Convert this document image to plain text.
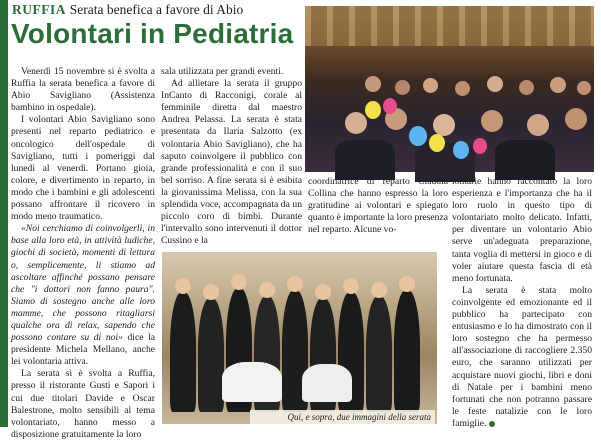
RUFFIA Serata benefica a favore di Abio
Volontari in Pediatria

Venerdì 15 novembre si è svolta a Ruffia la serata benefica a favore di Abio Savigliano (Assistenza bambino in ospedale).

I volontari Abio Savigliano sono presenti nel reparto pediatrico e oncologico dell'ospedale di Savigliano, tutti i pomeriggi dal lunedì al venerdì. Portano gioia, colore, e divertimento in reparto, in modo che i bambini e gli adolescenti possano affrontare il ricovero in modo meno traumatico.

«Noi cerchiamo di coinvolgerli, in base alla loro età, in attività ludiche, giochi di società, momenti di lettura o, semplicemente, li stiamo ad ascoltare affinché possano pensare che "i dottori non fanno paura". Siamo di sostegno anche alle loro mamme, che possono ritagliarsi qualche ora di relax, sapendo che possono contare su di noi» dice la presidente Michela Mellano, anche lei volontaria attiva.

La serata si è svolta a Ruffia, presso il ristorante Gusti e Sapori i cui due titolari Davide e Oscar Balestrone, molto sensibili al tema volontariato, hanno messo a disposizione gratuitamente la loro

sala utilizzata per grandi eventi.

Ad allietare la serata il gruppo InCanto di Racconigi, corale al femminile diretta dal maestro Andrea Pelassa. La serata è stata presentata da Ilaria Salzotto (ex volontaria Abio Savigliano), che ha saputo coinvolgere il pubblico con grande professionalità e con il suo bel sorriso. A fine serata si è esibita la giovanissima Melissa, con la sua splendida voce, accompagnata da un piccolo coro di bimbi. Durante l'intervallo sono intervenuti il dottor Cussino e la

coordinatrice di reparto Claudia Collina che hanno espresso la loro gratitudine ai volontari e spiegato quanto è importante la loro presenza nel reparto. Alcune vo-

lontarie hanno raccontato la loro esperienza e l'importanza che ha il loro ruolo in questo tipo di volontariato molto delicato. Infatti, per diventare un volontario Abio serve un'adeguata preparazione, tanta voglia di mettersi in gioco e di voler aiutare questa fascia di età meno fortunata.

La serata è stata molto coinvolgente ed emozionante ed il pubblico ha partecipato con entusiasmo e lo ha dimostrato con il loro sostegno che ha permesso all'associazione di raccogliere 2.350 euro, che saranno utilizzati per acquistare nuovi giochi, libri e doni di Natale per i bambini meno fortunati che non potranno passare le feste natalizie con le loro famiglie.

Qui, e sopra, due immagini della serata
